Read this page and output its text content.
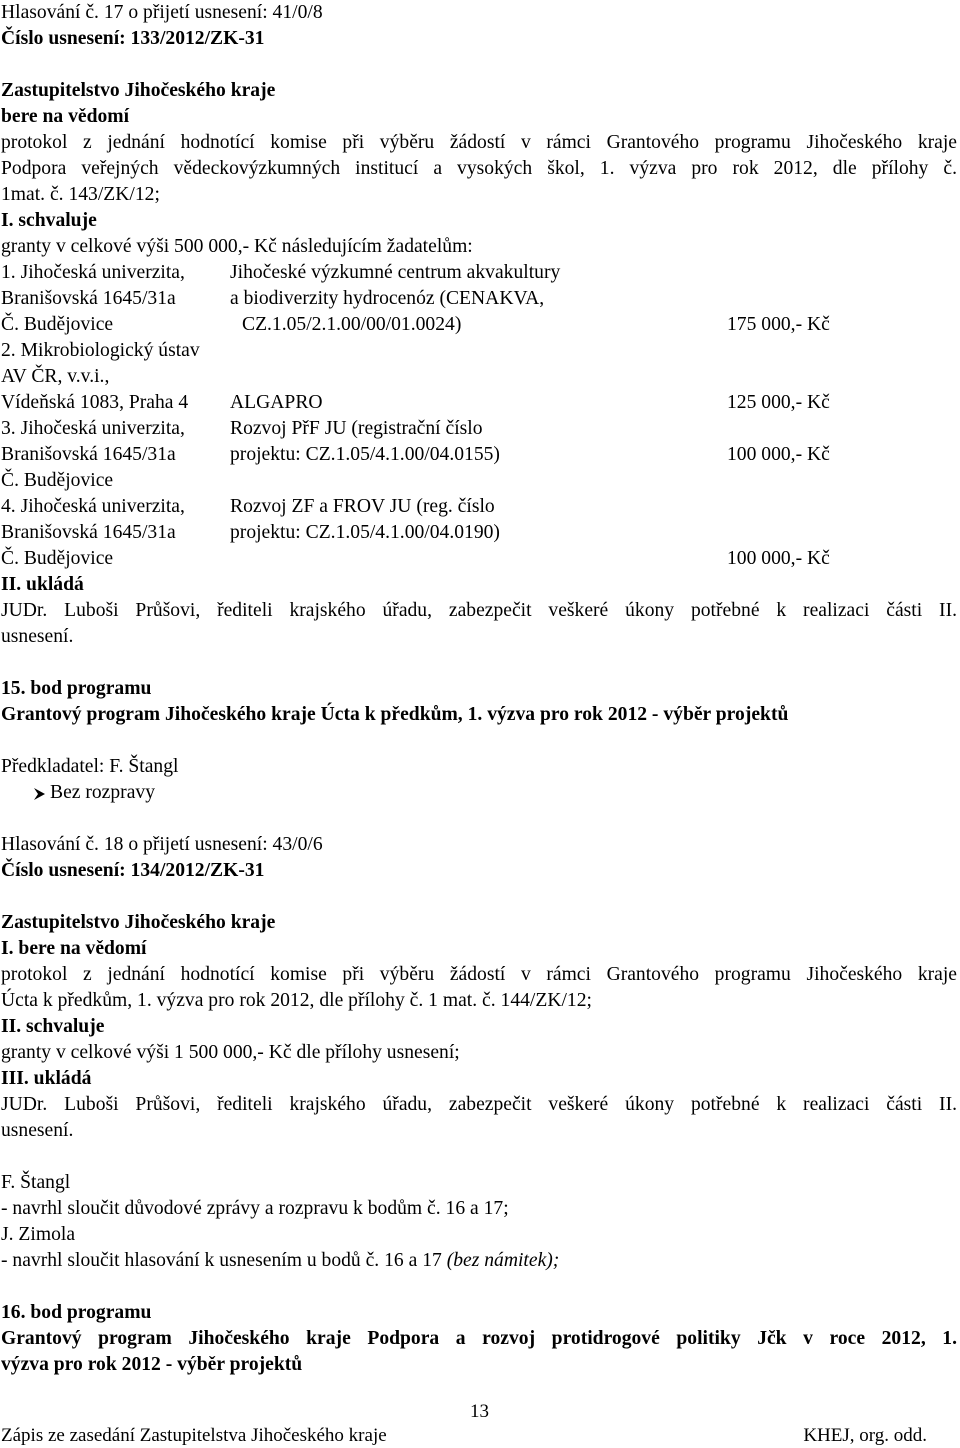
Hlasování č. 17 o přijetí usnesení: 41/0/8
Číslo usnesení: 133/2012/ZK-31
Zastupitelstvo Jihočeského kraje
bere na vědomí
protokol z jednání hodnotící komise při výběru žádostí v rámci Grantového programu Jihočeského kraje
Podpora veřejných vědeckovýzkumných institucí a vysokých škol, 1. výzva pro rok 2012, dle přílohy č.
1mat. č. 143/ZK/12;
I. schvaluje
granty v celkové výši 500 000,- Kč následujícím žadatelům:
1. Jihočeská univerzita, Jihočeské výzkumné centrum akvakultury
Branišovská 1645/31a	a biodiverzity hydrocenóz (CENAKVA,
Č. Budějovice	CZ.1.05/2.1.00/00/01.0024)	175 000,- Kč
2. Mikrobiologický ústav
AV ČR, v.v.i.,
Vídeňská 1083, Praha 4 ALGAPRO	125 000,- Kč
3. Jihočeská univerzita, Rozvoj PřF JU (registrační číslo
Branišovská 1645/31a	projektu: CZ.1.05/4.1.00/04.0155)	100 000,- Kč
Č. Budějovice
4. Jihočeská univerzita, Rozvoj ZF a FROV JU (reg. číslo
Branišovská 1645/31a	projektu: CZ.1.05/4.1.00/04.0190)
Č. Budějovice	100 000,- Kč
II. ukládá
JUDr. Luboši Průšovi, řediteli krajského úřadu, zabezpečit veškeré úkony potřebné k realizaci části II.
usnesení.
15. bod programu
Grantový program Jihočeského kraje Úcta k předkům, 1. výzva pro rok 2012 - výběr projektů
Předkladatel: F. Štangl
Bez rozpravy
Hlasování č. 18 o přijetí usnesení: 43/0/6
Číslo usnesení: 134/2012/ZK-31
Zastupitelstvo Jihočeského kraje
I. bere na vědomí
protokol z jednání hodnotící komise při výběru žádostí v rámci Grantového programu Jihočeského kraje
Úcta k předkům, 1. výzva pro rok 2012, dle přílohy č. 1 mat. č. 144/ZK/12;
II. schvaluje
granty v celkové výši 1 500 000,- Kč dle přílohy usnesení;
III. ukládá
JUDr. Luboši Průšovi, řediteli krajského úřadu, zabezpečit veškeré úkony potřebné k realizaci části II.
usnesení.
F. Štangl
- navrhl sloučit důvodové zprávy a rozpravu k bodům č. 16 a 17;
J. Zimola
- navrhl sloučit hlasování k usnesením u bodů č. 16 a 17 (bez námitek);
16. bod programu
Grantový program Jihočeského kraje Podpora a rozvoj protidrogové politiky Jčk v roce 2012, 1.
výzva pro rok 2012 - výběr projektů
13
Zápis ze zasedání Zastupitelstva Jihočeského kraje	KHEJ, org. odd.
